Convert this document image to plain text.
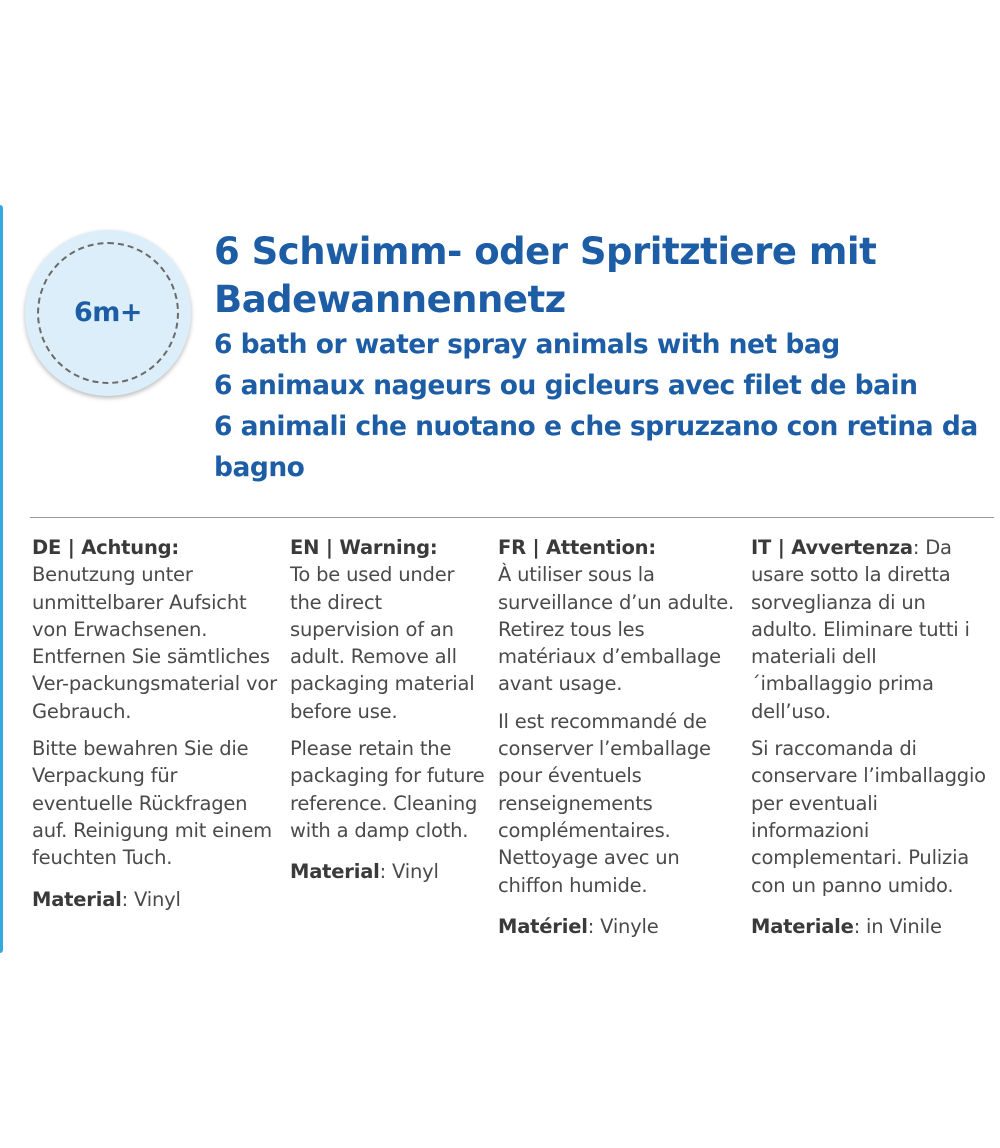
6m+
6 Schwimm- oder Spritztiere mit Badewannennetz
6 bath or water spray animals with net bag
6 animaux nageurs ou gicleurs avec filet de bain
6 animali che nuotano e che spruzzano con retina da bagno

DE | Achtung:
Benutzung unter unmittelbarer Aufsicht von Erwachsenen. Entfernen Sie sämtliches Ver-packungsmaterial vor Gebrauch.

Bitte bewahren Sie die Verpackung für eventuelle Rückfragen auf. Reinigung mit einem feuchten Tuch.

Material: Vinyl

EN | Warning:
To be used under the direct supervision of an adult. Remove all packaging material before use.

Please retain the packaging for future reference. Cleaning with a damp cloth.

Material: Vinyl

FR | Attention:
À utiliser sous la surveillance d’un adulte. Retirez tous les matériaux d’emballage avant usage.

Il est recommandé de conserver l’emballage pour éventuels renseignements complémentaires. Nettoyage avec un chiffon humide.

Matériel: Vinyle

IT | Avvertenza: Da usare sotto la diretta sorveglianza di un adulto. Eliminare tutti i materiali dell´imballaggio prima dell’uso.

Si raccomanda di conservare l’imballaggio per eventuali informazioni complementari. Pulizia con un panno umido.

Materiale: in Vinile
